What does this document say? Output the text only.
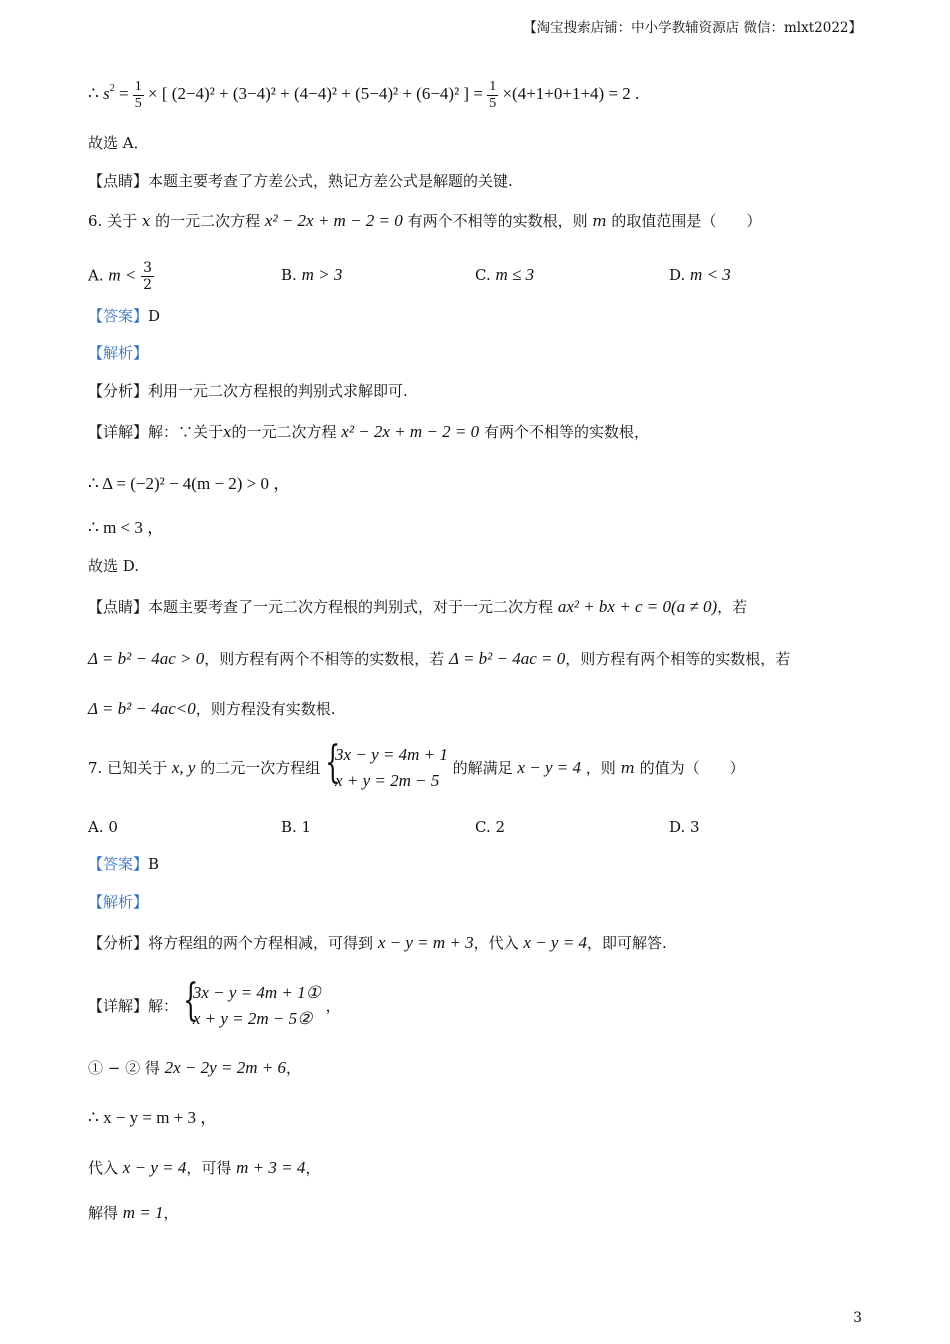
【淘宝搜索店铺：中小学教辅资源店 微信：mlxt2022】
∴ $s^2 = \frac{1}{5}$ × [ (2−4)² + (3−4)² + (4−4)² + (5−4)² + (6−4)² ] = $\frac{1}{5} \times(4+1+0+1+4) = 2$ .
故选 A．
【点睛】本题主要考查了方差公式，熟记方差公式是解题的关键.
6. 关于 x 的一元二次方程 x² − 2x + m − 2 = 0 有两个不相等的实数根，则 m 的取值范围是（　　）
A. $m < \frac{3}{2}$	B. m > 3	C. m ≤ 3	D. m < 3
【答案】D
【解析】
【分析】利用一元二次方程根的判别式求解即可.
【详解】解：∵关于x的一元二次方程 x² − 2x + m − 2 = 0 有两个不相等的实数根，
∴ Δ = (−2)² − 4(m − 2) > 0 ，
∴ m < 3 ，
故选 D.
【点睛】本题主要考查了一元二次方程根的判别式，对于一元二次方程 ax² + bx + c = 0(a ≠ 0)，若
Δ = b² − 4ac > 0，则方程有两个不相等的实数根，若 Δ = b² − 4ac = 0，则方程有两个相等的实数根，若
Δ = b² − 4ac<0，则方程没有实数根.
7. 已知关于 x, y 的二元一次方程组 {
3x − y = 4m + 1
x + y = 2m − 5
的解满足 x − y = 4 ，则 m 的值为（　　）
A. 0	B. 1	C. 2	D. 3
【答案】B
【解析】
【分析】将方程组的两个方程相减，可得到 x − y = m + 3，代入 x − y = 4，即可解答.
【详解】解： {
3x − y = 4m + 1①
x + y = 2m − 5②
，
① − ② 得 2x − 2y = 2m + 6，
∴ x − y = m + 3 ，
代入 x − y = 4，可得 m + 3 = 4，
解得 m = 1，
3
